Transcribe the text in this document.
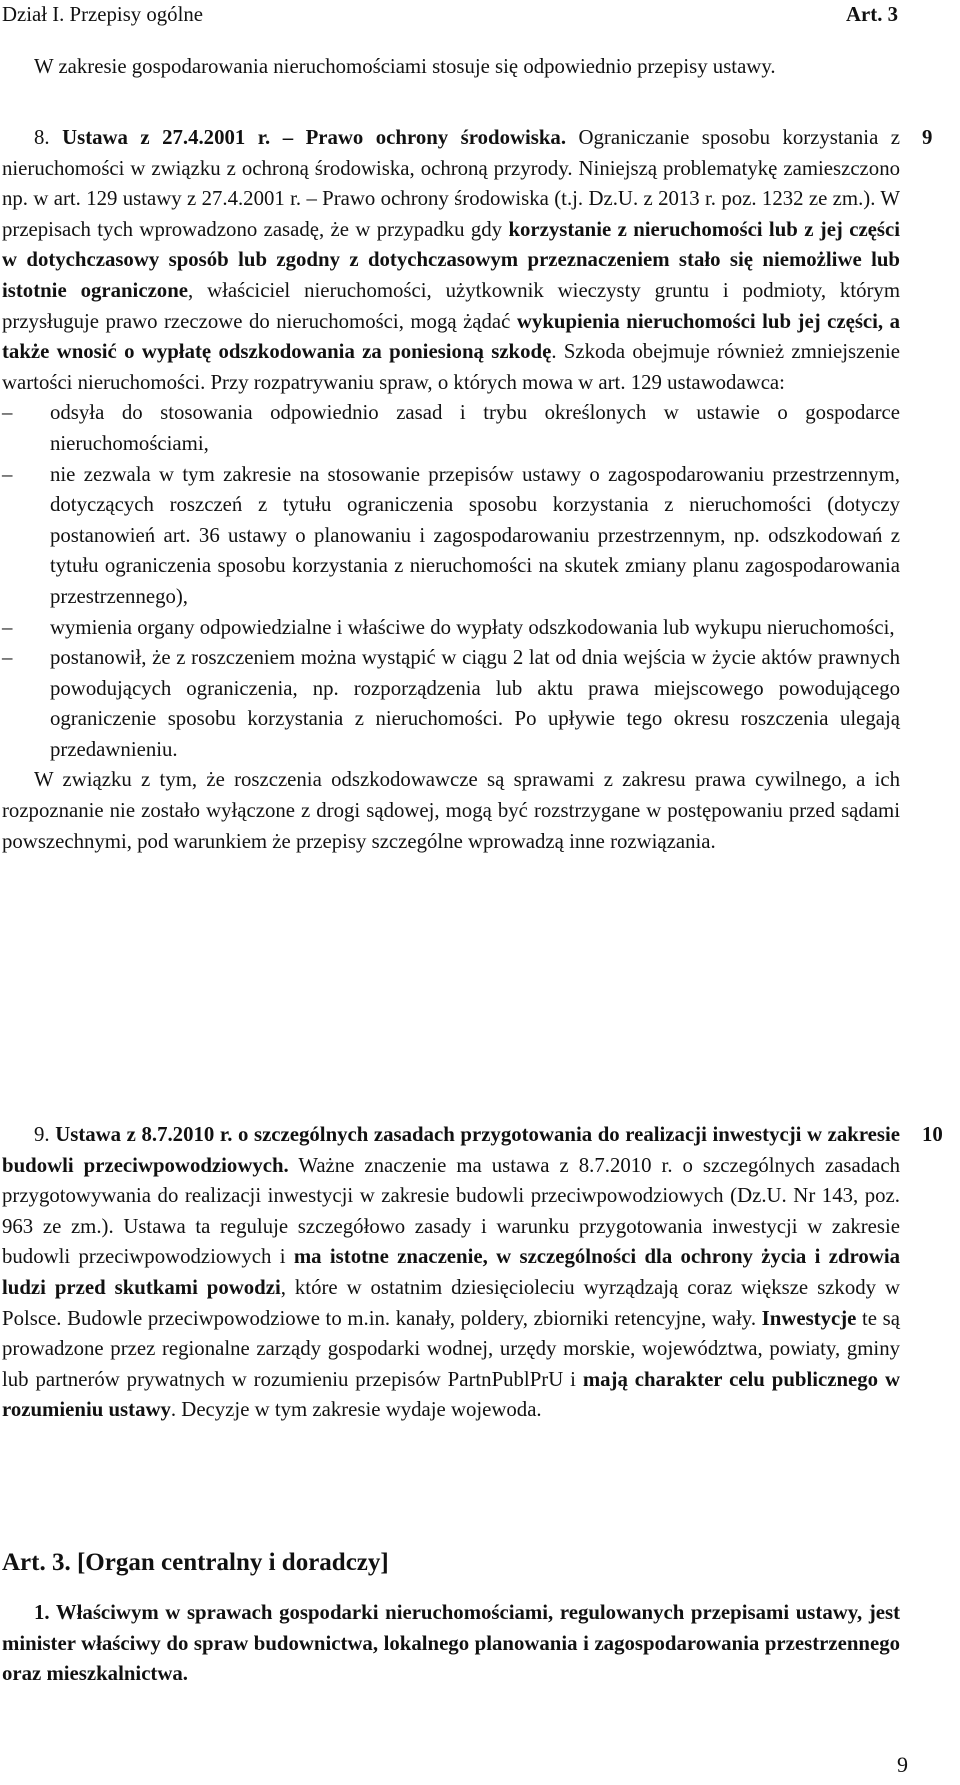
Dział I. Przepisy ogólne	Art. 3

W zakresie gospodarowania nieruchomościami stosuje się odpowiednio przepisy ustawy.

9

8. Ustawa z 27.4.2001 r. – Prawo ochrony środowiska. Ograniczanie sposobu korzystania z nieruchomości w związku z ochroną środowiska, ochroną przyrody. Niniejszą problematykę zamieszczono np. w art. 129 ustawy z 27.4.2001 r. – Prawo ochrony środowiska (t.j. Dz.U. z 2013 r. poz. 1232 ze zm.). W przepisach tych wprowadzono zasadę, że w przypadku gdy korzystanie z nieruchomości lub z jej części w dotychczasowy sposób lub zgodny z dotychczasowym przeznaczeniem stało się niemożliwe lub istotnie ograniczone, właściciel nieruchomości, użytkownik wieczysty gruntu i podmioty, którym przysługuje prawo rzeczowe do nieruchomości, mogą żądać wykupienia nieruchomości lub jej części, a także wnosić o wypłatę odszkodowania za poniesioną szkodę. Szkoda obejmuje również zmniejszenie wartości nieruchomości. Przy rozpatrywaniu spraw, o których mowa w art. 129 ustawodawca:

– odsyła do stosowania odpowiednio zasad i trybu określonych w ustawie o gospodarce nieruchomościami,
– nie zezwala w tym zakresie na stosowanie przepisów ustawy o zagospodarowaniu przestrzennym, dotyczących roszczeń z tytułu ograniczenia sposobu korzystania z nieruchomości (dotyczy postanowień art. 36 ustawy o planowaniu i zagospodarowaniu przestrzennym, np. odszkodowań z tytułu ograniczenia sposobu korzystania z nieruchomości na skutek zmiany planu zagospodarowania przestrzennego),
– wymienia organy odpowiedzialne i właściwe do wypłaty odszkodowania lub wykupu nieruchomości,
– postanowił, że z roszczeniem można wystąpić w ciągu 2 lat od dnia wejścia w życie aktów prawnych powodujących ograniczenia, np. rozporządzenia lub aktu prawa miejscowego powodującego ograniczenie sposobu korzystania z nieruchomości. Po upływie tego okresu roszczenia ulegają przedawnieniu.

W związku z tym, że roszczenia odszkodowawcze są sprawami z zakresu prawa cywilnego, a ich rozpoznanie nie zostało wyłączone z drogi sądowej, mogą być rozstrzygane w postępowaniu przed sądami powszechnymi, pod warunkiem że przepisy szczególne wprowadzą inne rozwiązania.

10

9. Ustawa z 8.7.2010 r. o szczególnych zasadach przygotowania do realizacji inwestycji w zakresie budowli przeciwpowodziowych. Ważne znaczenie ma ustawa z 8.7.2010 r. o szczególnych zasadach przygotowywania do realizacji inwestycji w zakresie budowli przeciwpowodziowych (Dz.U. Nr 143, poz. 963 ze zm.). Ustawa ta reguluje szczegółowo zasady i warunku przygotowania inwestycji w zakresie budowli przeciwpowodziowych i ma istotne znaczenie, w szczególności dla ochrony życia i zdrowia ludzi przed skutkami powodzi, które w ostatnim dziesięcioleciu wyrządzają coraz większe szkody w Polsce. Budowle przeciwpowodziowe to m.in. kanały, poldery, zbiorniki retencyjne, wały. Inwestycje te są prowadzone przez regionalne zarządy gospodarki wodnej, urzędy morskie, województwa, powiaty, gminy lub partnerów prywatnych w rozumieniu przepisów PartnPublPrU i mają charakter celu publicznego w rozumieniu ustawy. Decyzje w tym zakresie wydaje wojewoda.

Art. 3. [Organ centralny i doradczy]

1. Właściwym w sprawach gospodarki nieruchomościami, regulowanych przepisami ustawy, jest minister właściwy do spraw budownictwa, lokalnego planowania i zagospodarowania przestrzennego oraz mieszkalnictwa.

9
